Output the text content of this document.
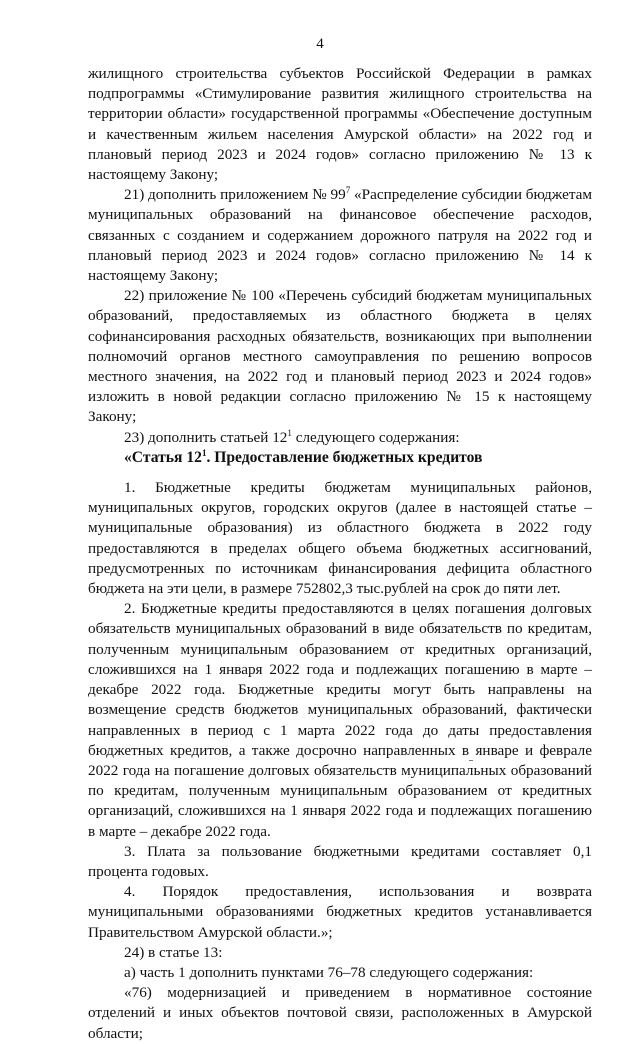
4

жилищного строительства субъектов Российской Федерации в рамках подпрограммы «Стимулирование развития жилищного строительства на территории области» государственной программы «Обеспечение доступным и качественным жильем населения Амурской области» на 2022 год и плановый период 2023 и 2024 годов» согласно приложению № 13 к настоящему Закону;

21) дополнить приложением № $99^7$ «Распределение субсидии бюджетам муниципальных образований на финансовое обеспечение расходов, связанных с созданием и содержанием дорожного патруля на 2022 год и плановый период 2023 и 2024 годов» согласно приложению № 14 к настоящему Закону;

22) приложение № 100 «Перечень субсидий бюджетам муниципальных образований, предоставляемых из областного бюджета в целях софинансирования расходных обязательств, возникающих при выполнении полномочий органов местного самоуправления по решению вопросов местного значения, на 2022 год и плановый период 2023 и 2024 годов» изложить в новой редакции согласно приложению № 15 к настоящему Закону;

23) дополнить статьей $12^1$ следующего содержания:

«Статья $12^1$. Предоставление бюджетных кредитов

1. Бюджетные кредиты бюджетам муниципальных районов, муниципальных округов, городских округов (далее в настоящей статье – муниципальные образования) из областного бюджета в 2022 году предоставляются в пределах общего объема бюджетных ассигнований, предусмотренных по источникам финансирования дефицита областного бюджета на эти цели, в размере 752802,3 тыс.рублей на срок до пяти лет.

2. Бюджетные кредиты предоставляются в целях погашения долговых обязательств муниципальных образований в виде обязательств по кредитам, полученным муниципальным образованием от кредитных организаций, сложившихся на 1 января 2022 года и подлежащих погашению в марте – декабре 2022 года. Бюджетные кредиты могут быть направлены на возмещение средств бюджетов муниципальных образований, фактически направленных в период с 1 марта 2022 года до даты предоставления бюджетных кредитов, а также досрочно направленных в январе и феврале 2022 года на погашение долговых обязательств муниципальных образований по кредитам, полученным муниципальным образованием от кредитных организаций, сложившихся на 1 января 2022 года и подлежащих погашению в марте – декабре 2022 года.

3. Плата за пользование бюджетными кредитами составляет 0,1 процента годовых.

4. Порядок предоставления, использования и возврата муниципальными образованиями бюджетных кредитов устанавливается Правительством Амурской области.»;

24) в статье 13:

а) часть 1 дополнить пунктами 76–78 следующего содержания:

«76) модернизацией и приведением в нормативное состояние отделений и иных объектов почтовой связи, расположенных в Амурской области;
